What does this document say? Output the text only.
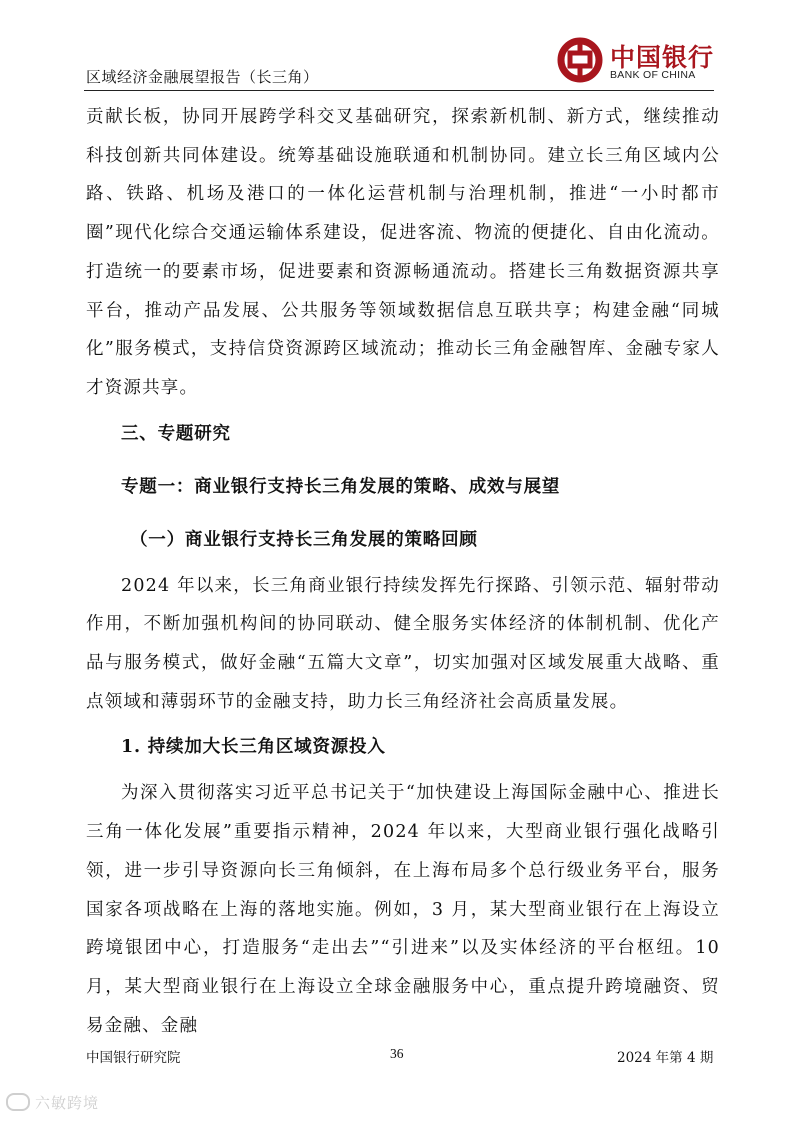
区域经济金融展望报告（长三角）
中国银行
BANK OF CHINA

贡献长板，协同开展跨学科交叉基础研究，探索新机制、新方式，继续推动科技创新共同体建设。统筹基础设施联通和机制协同。建立长三角区域内公路、铁路、机场及港口的一体化运营机制与治理机制，推进“一小时都市圈”现代化综合交通运输体系建设，促进客流、物流的便捷化、自由化流动。打造统一的要素市场，促进要素和资源畅通流动。搭建长三角数据资源共享平台，推动产品发展、公共服务等领域数据信息互联共享；构建金融“同城化”服务模式，支持信贷资源跨区域流动；推动长三角金融智库、金融专家人才资源共享。

三、专题研究

专题一：商业银行支持长三角发展的策略、成效与展望

（一）商业银行支持长三角发展的策略回顾

2024 年以来，长三角商业银行持续发挥先行探路、引领示范、辐射带动作用，不断加强机构间的协同联动、健全服务实体经济的体制机制、优化产品与服务模式，做好金融“五篇大文章”，切实加强对区域发展重大战略、重点领域和薄弱环节的金融支持，助力长三角经济社会高质量发展。

1. 持续加大长三角区域资源投入

为深入贯彻落实习近平总书记关于“加快建设上海国际金融中心、推进长三角一体化发展”重要指示精神，2024 年以来，大型商业银行强化战略引领，进一步引导资源向长三角倾斜，在上海布局多个总行级业务平台，服务国家各项战略在上海的落地实施。例如，3 月，某大型商业银行在上海设立跨境银团中心，打造服务“走出去”“引进来”以及实体经济的平台枢纽。10 月，某大型商业银行在上海设立全球金融服务中心，重点提升跨境融资、贸易金融、金融

中国银行研究院	36	2024 年第 4 期
六敏跨境
